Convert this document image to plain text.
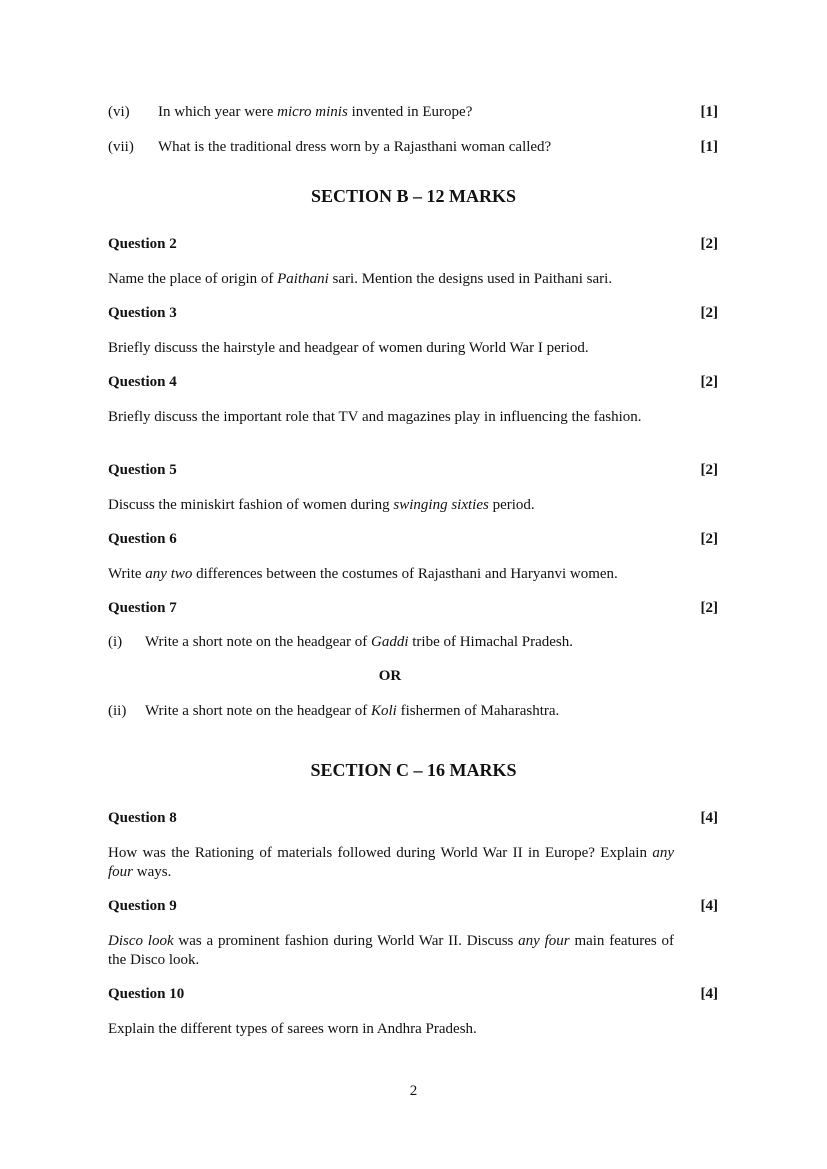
(vi) In which year were micro minis invented in Europe?	[1]
(vii) What is the traditional dress worn by a Rajasthani woman called?	[1]
SECTION B – 12 MARKS
Question 2	[2]
Name the place of origin of Paithani sari. Mention the designs used in Paithani sari.
Question 3	[2]
Briefly discuss the hairstyle and headgear of women during World War I period.
Question 4	[2]
Briefly discuss the important role that TV and magazines play in influencing the fashion.
Question 5	[2]
Discuss the miniskirt fashion of women during swinging sixties period.
Question 6	[2]
Write any two differences between the costumes of Rajasthani and Haryanvi women.
Question 7	[2]
(i) Write a short note on the headgear of Gaddi tribe of Himachal Pradesh.
OR
(ii) Write a short note on the headgear of Koli fishermen of Maharashtra.
SECTION C – 16 MARKS
Question 8	[4]
How was the Rationing of materials followed during World War II in Europe? Explain any four ways.
Question 9	[4]
Disco look was a prominent fashion during World War II. Discuss any four main features of the Disco look.
Question 10	[4]
Explain the different types of sarees worn in Andhra Pradesh.
2
